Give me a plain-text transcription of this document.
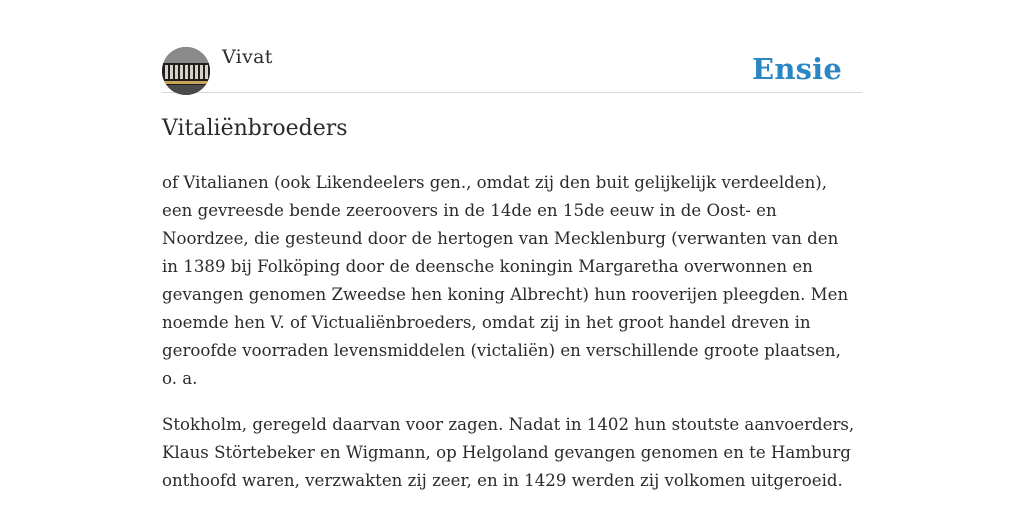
Vivat	Ensie
Vitaliënbroeders

of Vitalianen (ook Likendeelers gen., omdat zij den buit gelijkelijk verdeelden),
een gevreesde bende zeeroovers in de 14de en 15de eeuw in de Oost- en
Noordzee, die gesteund door de hertogen van Mecklenburg (verwanten van den
in 1389 bij Folköping door de deensche koningin Margaretha overwonnen en
gevangen genomen Zweedse hen koning Albrecht) hun rooverijen pleegden. Men
noemde hen V. of Victualiënbroeders, omdat zij in het groot handel dreven in
geroofde voorraden levensmiddelen (victaliën) en verschillende groote plaatsen,
o. a.

Stokholm, geregeld daarvan voor zagen. Nadat in 1402 hun stoutste aanvoerders,
Klaus Störtebeker en Wigmann, op Helgoland gevangen genomen en te Hamburg
onthoofd waren, verzwakten zij zeer, en in 1429 werden zij volkomen uitgeroeid.
